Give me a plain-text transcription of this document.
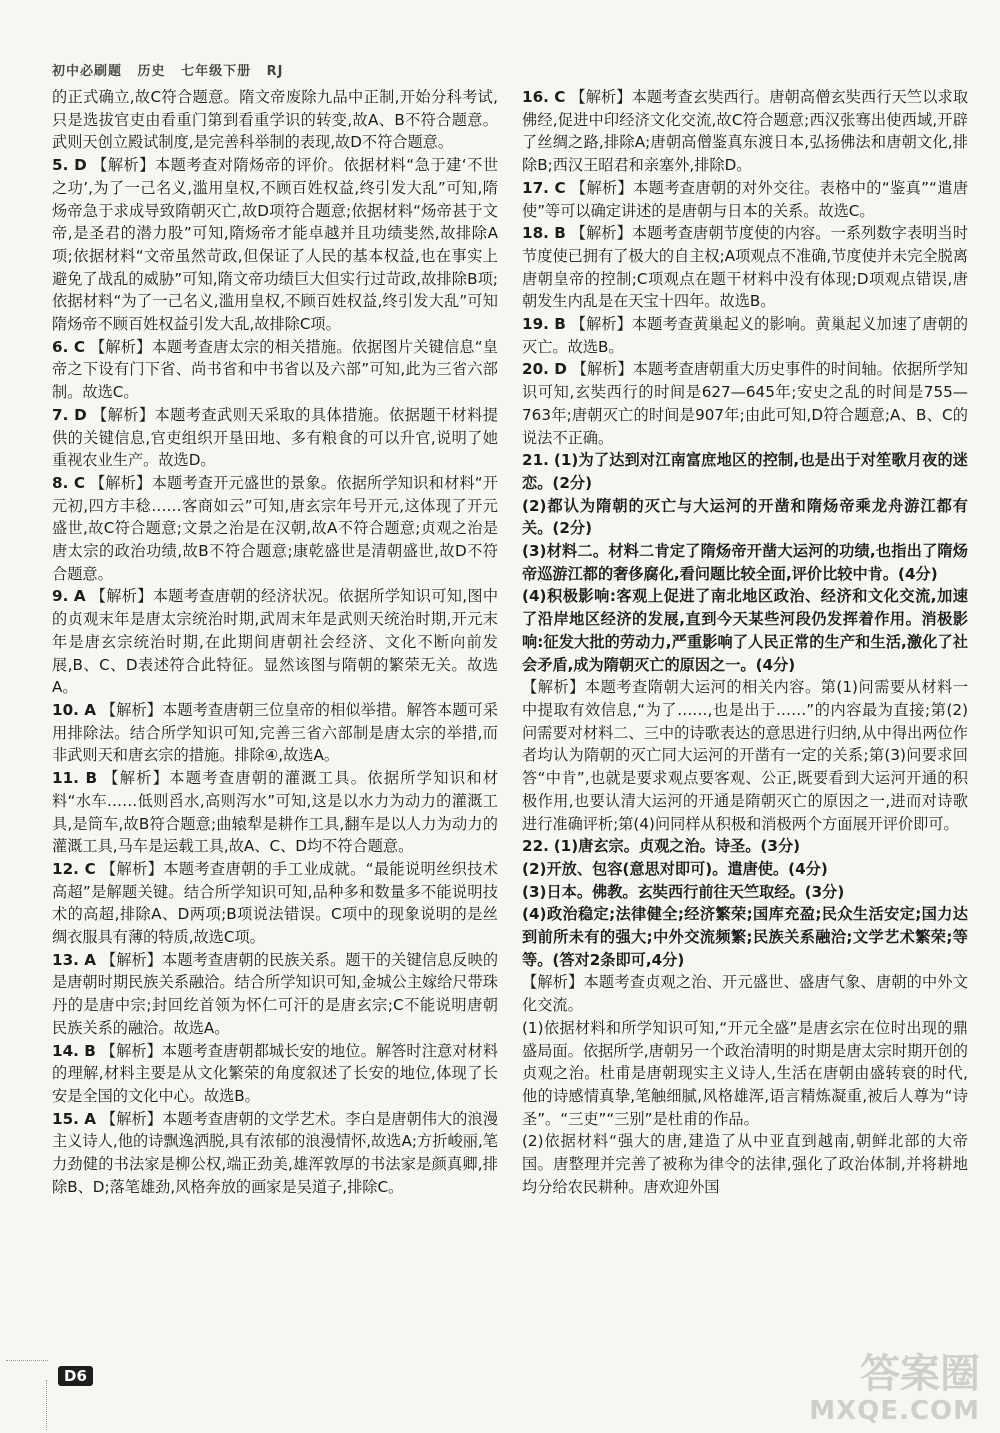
初中必刷题 历史 七年级下册 RJ

的正式确立,故C符合题意。隋文帝废除九品中正制,开始分科考试,只是选拔官吏由看重门第到看重学识的转变,故A、B不符合题意。武则天创立殿试制度,是完善科举制的表现,故D不符合题意。

5. D 【解析】本题考查对隋炀帝的评价。依据材料“急于建‘不世之功’,为了一己名义,滥用皇权,不顾百姓权益,终引发大乱”可知,隋炀帝急于求成导致隋朝灭亡,故D项符合题意;依据材料“炀帝甚于文帝,是圣君的潜力股”可知,隋炀帝才能卓越并且功绩斐然,故排除A项;依据材料“文帝虽然苛政,但保证了人民的基本权益,也在事实上避免了战乱的威胁”可知,隋文帝功绩巨大但实行过苛政,故排除B项;依据材料“为了一己名义,滥用皇权,不顾百姓权益,终引发大乱”可知隋炀帝不顾百姓权益引发大乱,故排除C项。

6. C 【解析】本题考查唐太宗的相关措施。依据图片关键信息“皇帝之下设有门下省、尚书省和中书省以及六部”可知,此为三省六部制。故选C。

7. D 【解析】本题考查武则天采取的具体措施。依据题干材料提供的关键信息,官吏组织开垦田地、多有粮食的可以升官,说明了她重视农业生产。故选D。

8. C 【解析】本题考查开元盛世的景象。依据所学知识和材料“开元初,四方丰稔……客商如云”可知,唐玄宗年号开元,这体现了开元盛世,故C符合题意;文景之治是在汉朝,故A不符合题意;贞观之治是唐太宗的政治功绩,故B不符合题意;康乾盛世是清朝盛世,故D不符合题意。

9. A 【解析】本题考查唐朝的经济状况。依据所学知识可知,图中的贞观末年是唐太宗统治时期,武周末年是武则天统治时期,开元末年是唐玄宗统治时期,在此期间唐朝社会经济、文化不断向前发展,B、C、D表述符合此特征。显然该图与隋朝的繁荣无关。故选A。

10. A 【解析】本题考查唐朝三位皇帝的相似举措。解答本题可采用排除法。结合所学知识可知,完善三省六部制是唐太宗的举措,而非武则天和唐玄宗的措施。排除④,故选A。

11. B 【解析】本题考查唐朝的灌溉工具。依据所学知识和材料“水车……低则舀水,高则泻水”可知,这是以水力为动力的灌溉工具,是筒车,故B符合题意;曲辕犁是耕作工具,翻车是以人力为动力的灌溉工具,马车是运载工具,故A、C、D均不符合题意。

12. C 【解析】本题考查唐朝的手工业成就。“最能说明丝织技术高超”是解题关键。结合所学知识可知,品种多和数量多不能说明技术的高超,排除A、D两项;B项说法错误。C项中的现象说明的是丝绸衣服具有薄的特质,故选C项。

13. A 【解析】本题考查唐朝的民族关系。题干的关键信息反映的是唐朝时期民族关系融洽。结合所学知识可知,金城公主嫁给尺带珠丹的是唐中宗;封回纥首领为怀仁可汗的是唐玄宗;C不能说明唐朝民族关系的融洽。故选A。

14. B 【解析】本题考查唐朝都城长安的地位。解答时注意对材料的理解,材料主要是从文化繁荣的角度叙述了长安的地位,体现了长安是全国的文化中心。故选B。

15. A 【解析】本题考查唐朝的文学艺术。李白是唐朝伟大的浪漫主义诗人,他的诗飘逸洒脱,具有浓郁的浪漫情怀,故选A;方折峻丽,笔力劲健的书法家是柳公权,端正劲美,雄浑敦厚的书法家是颜真卿,排除B、D;落笔雄劲,风格奔放的画家是吴道子,排除C。

16. C 【解析】本题考查玄奘西行。唐朝高僧玄奘西行天竺以求取佛经,促进中印经济文化交流,故C符合题意;西汉张骞出使西域,开辟了丝绸之路,排除A;唐朝高僧鉴真东渡日本,弘扬佛法和唐朝文化,排除B;西汉王昭君和亲塞外,排除D。

17. C 【解析】本题考查唐朝的对外交往。表格中的“鉴真”“遣唐使”等可以确定讲述的是唐朝与日本的关系。故选C。

18. B 【解析】本题考查唐朝节度使的内容。一系列数字表明当时节度使已拥有了极大的自主权;A项观点不准确,节度使并未完全脱离唐朝皇帝的控制;C项观点在题干材料中没有体现;D项观点错误,唐朝发生内乱是在天宝十四年。故选B。

19. B 【解析】本题考查黄巢起义的影响。黄巢起义加速了唐朝的灭亡。故选B。

20. D 【解析】本题考查唐朝重大历史事件的时间轴。依据所学知识可知,玄奘西行的时间是627—645年;安史之乱的时间是755—763年;唐朝灭亡的时间是907年;由此可知,D符合题意;A、B、C的说法不正确。

21. (1)为了达到对江南富庶地区的控制,也是出于对笙歌月夜的迷恋。(2分)

(2)都认为隋朝的灭亡与大运河的开凿和隋炀帝乘龙舟游江都有关。(2分)

(3)材料二。材料二肯定了隋炀帝开凿大运河的功绩,也指出了隋炀帝巡游江都的奢侈腐化,看问题比较全面,评价比较中肯。(4分)

(4)积极影响:客观上促进了南北地区政治、经济和文化交流,加速了沿岸地区经济的发展,直到今天某些河段仍发挥着作用。消极影响:征发大批的劳动力,严重影响了人民正常的生产和生活,激化了社会矛盾,成为隋朝灭亡的原因之一。(4分)

【解析】本题考查隋朝大运河的相关内容。第(1)问需要从材料一中提取有效信息,“为了……,也是出于……”的内容最为直接;第(2)问需要对材料二、三中的诗歌表达的意思进行归纳,从中得出两位作者均认为隋朝的灭亡同大运河的开凿有一定的关系;第(3)问要求回答“中肯”,也就是要求观点要客观、公正,既要看到大运河开通的积极作用,也要认清大运河的开通是隋朝灭亡的原因之一,进而对诗歌进行准确评析;第(4)问同样从积极和消极两个方面展开评价即可。

22. (1)唐玄宗。贞观之治。诗圣。(3分)

(2)开放、包容(意思对即可)。遣唐使。(4分)

(3)日本。佛教。玄奘西行前往天竺取经。(3分)

(4)政治稳定;法律健全;经济繁荣;国库充盈;民众生活安定;国力达到前所未有的强大;中外交流频繁;民族关系融洽;文学艺术繁荣;等等。(答对2条即可,4分)

【解析】本题考查贞观之治、开元盛世、盛唐气象、唐朝的中外文化交流。

(1)依据材料和所学知识可知,“开元全盛”是唐玄宗在位时出现的鼎盛局面。依据所学,唐朝另一个政治清明的时期是唐太宗时期开创的贞观之治。杜甫是唐朝现实主义诗人,生活在唐朝由盛转衰的时代,他的诗感情真挚,笔触细腻,风格雄浑,语言精炼凝重,被后人尊为“诗圣”。“三吏”“三别”是杜甫的作品。

(2)依据材料“强大的唐,建造了从中亚直到越南,朝鲜北部的大帝国。唐整理并完善了被称为律令的法律,强化了政治体制,并将耕地均分给农民耕种。唐欢迎外国

D6	答案圈
MXQE.COM
